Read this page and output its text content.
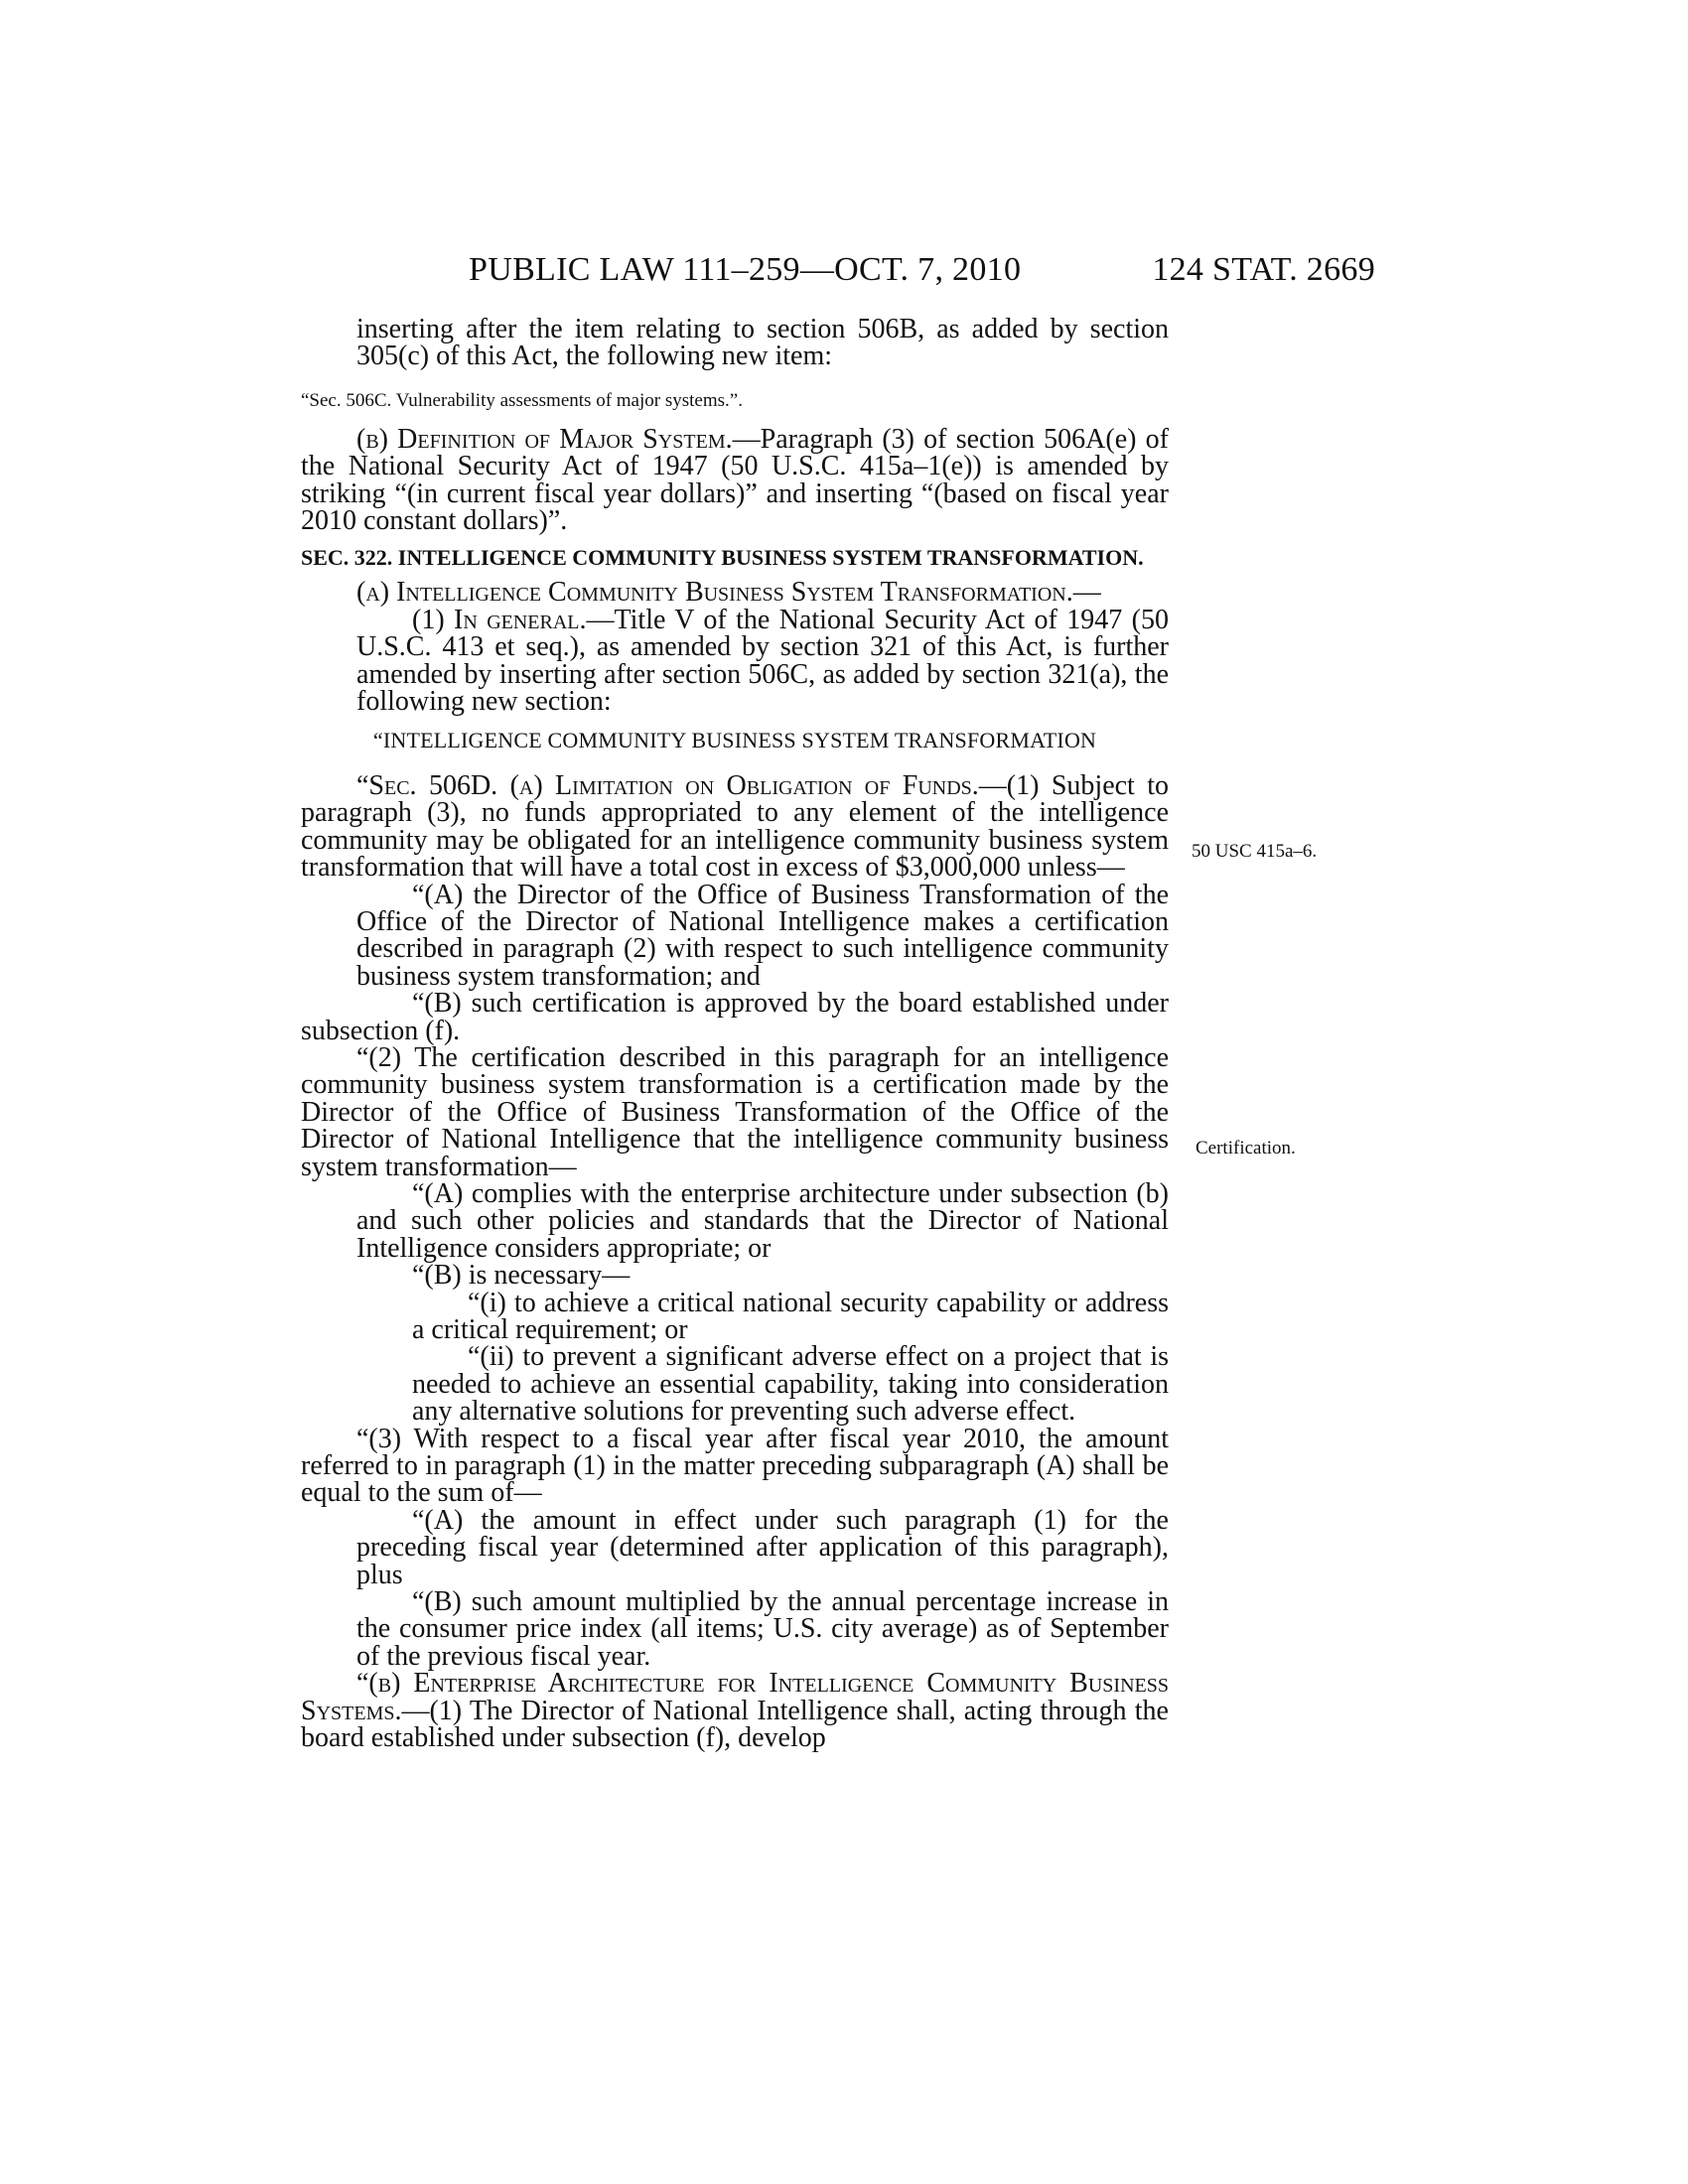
PUBLIC LAW 111–259—OCT. 7, 2010	124 STAT. 2669
50 USC 415a–6.
Certification.

inserting after the item relating to section 506B, as added by section 305(c) of this Act, the following new item:

“Sec. 506C. Vulnerability assessments of major systems.”.

(b) Definition of Major System.—Paragraph (3) of section 506A(e) of the National Security Act of 1947 (50 U.S.C. 415a–1(e)) is amended by striking “(in current fiscal year dollars)” and inserting “(based on fiscal year 2010 constant dollars)”.

SEC. 322. INTELLIGENCE COMMUNITY BUSINESS SYSTEM TRANSFORMATION.

(a) Intelligence Community Business System Transformation.—

(1) In general.—Title V of the National Security Act of 1947 (50 U.S.C. 413 et seq.), as amended by section 321 of this Act, is further amended by inserting after section 506C, as added by section 321(a), the following new section:

“INTELLIGENCE COMMUNITY BUSINESS SYSTEM TRANSFORMATION

“Sec. 506D. (a) Limitation on Obligation of Funds.—(1) Subject to paragraph (3), no funds appropriated to any element of the intelligence community may be obligated for an intelligence community business system transformation that will have a total cost in excess of $3,000,000 unless—

“(A) the Director of the Office of Business Transformation of the Office of the Director of National Intelligence makes a certification described in paragraph (2) with respect to such intelligence community business system transformation; and

“(B) such certification is approved by the board established under subsection (f).

“(2) The certification described in this paragraph for an intelligence community business system transformation is a certification made by the Director of the Office of Business Transformation of the Office of the Director of National Intelligence that the intelligence community business system transformation—

“(A) complies with the enterprise architecture under subsection (b) and such other policies and standards that the Director of National Intelligence considers appropriate; or

“(B) is necessary—

“(i) to achieve a critical national security capability or address a critical requirement; or

“(ii) to prevent a significant adverse effect on a project that is needed to achieve an essential capability, taking into consideration any alternative solutions for preventing such adverse effect.

“(3) With respect to a fiscal year after fiscal year 2010, the amount referred to in paragraph (1) in the matter preceding subparagraph (A) shall be equal to the sum of—

“(A) the amount in effect under such paragraph (1) for the preceding fiscal year (determined after application of this paragraph), plus

“(B) such amount multiplied by the annual percentage increase in the consumer price index (all items; U.S. city average) as of September of the previous fiscal year.

“(b) Enterprise Architecture for Intelligence Community Business Systems.—(1) The Director of National Intelligence shall, acting through the board established under subsection (f), develop
